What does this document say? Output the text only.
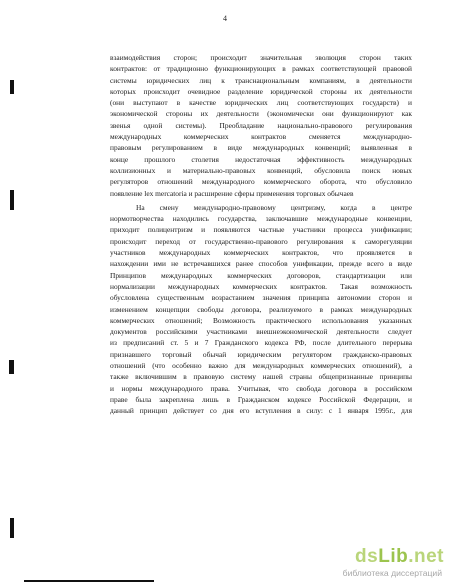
4
взаимодействия сторон; происходит значительная эволюция сторон таких
контрактов: от традиционно функционирующих в рамках соответствующей правовой
системы юридических лиц к транснациональным компаниям, в деятельности
которых происходит очевидное разделение юридической стороны их деятельности
(они выступают в качестве юридических лиц соответствующих государств) и
экономической стороны их деятельности (экономически они функционируют как
звенья одной системы). Преобладание национально-правового регулирования
международных коммерческих контрактов сменяется международно-
правовым регулированием в виде международных конвенций; выявленная в
конце прошлого столетия недостаточная эффективность международных
коллизионных и материально-правовых конвенций, обусловила поиск новых
регуляторов отношений международного коммерческого оборота, что обусловило
появление lex mercatoria и расширение сферы применения торговых обычаев
На смену международно-правовому центризму, когда в центре
нормотворчества находились государства, заключавшие международные конвенции,
приходит полицентризм и появляются частные участники процесса унификации;
происходит переход от государственно-правового регулирования к саморегуляции
участников международных коммерческих контрактов, что проявляется в
нахождении ими не встречавшихся ранее способов унификации, прежде всего в виде
Принципов международных коммерческих договоров, стандартизации или
нормализации международных коммерческих контрактов. Такая возможность
обусловлена существенным возрастанием значения принципа автономии сторон и
изменением концепции свободы договора, реализуемого в рамках международных
коммерческих отношений; Возможность практического использования указанных
документов российскими участниками внешнеэкономической деятельности следует
из предписаний ст. 5 и 7 Гражданского кодекса РФ, после длительного перерыва
признавшего торговый обычай юридическим регулятором гражданско-правовых
отношений (что особенно важно для международных коммерческих отношений), а
также включившим в правовую систему нашей страны общепризнанные принципы
и нормы международного права. Учитывая, что свобода договора в российском
праве была закреплена лишь в Гражданском кодексе Российской Федерации, и
данный принцип действует со дня его вступления в силу: с 1 января 1995г., для
dsLib.net
библиотека диссертаций
